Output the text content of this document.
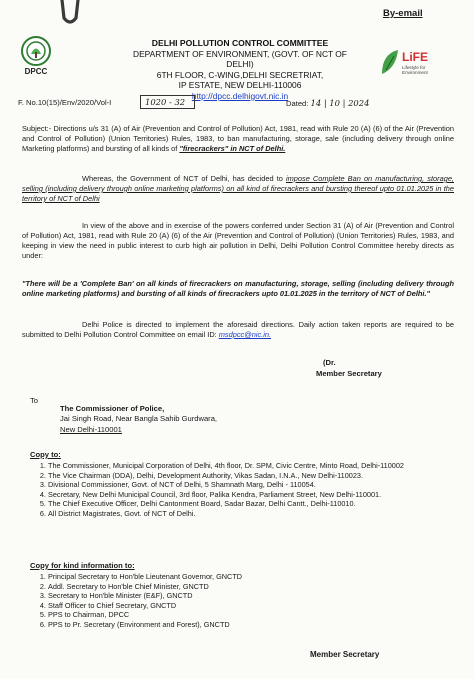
By-email
DPCC
DELHI POLLUTION CONTROL COMMITTEE
DEPARTMENT OF ENVIRONMENT, (GOVT. OF NCT OF DELHI)
6TH FLOOR, C-WING,DELHI SECRETRIAT,
IP ESTATE, NEW DELHI-110006
http://dpcc.delhigovt.nic.in
LiFE
Lifestyle for Environment
F. No.10(15)/Env/2020/Vol-I	1020 - 32	Dated: 14 | 10 | 2024
Subject:- Directions u/s 31 (A) of Air (Prevention and Control of Pollution) Act, 1981, read with Rule 20 (A) (6) of the Air (Prevention and Control of Pollution) (Union Territories) Rules, 1983, to ban manufacturing, storage, sale (including delivery through online Marketing platforms) and bursting of all kinds of "firecrackers" in NCT of Delhi.
Whereas, the Government of NCT of Delhi, has decided to impose Complete Ban on manufacturing, storage, selling (including delivery through online marketing platforms) on all kind of firecrackers and bursting thereof upto 01.01.2025 in the territory of NCT of Delhi
In view of the above and in exercise of the powers conferred under Section 31 (A) of Air (Prevention and Control of Pollution) Act, 1981, read with Rule 20 (A) (6) of the Air (Prevention and Control of Pollution) (Union Territories) Rules, 1983, and keeping in view the need in public interest to curb high air pollution in Delhi, Delhi Pollution Control Committee hereby directs as under:
"There will be a 'Complete Ban' on all kinds of firecrackers on manufacturing, storage, selling (including delivery through online marketing platforms) and bursting of all kinds of firecrackers upto 01.01.2025 in the territory of NCT of Delhi."
Delhi Police is directed to implement the aforesaid directions. Daily action taken reports are required to be submitted to Delhi Pollution Control Committee on email ID: msdpcc@nic.in.
(Dr.
Member Secretary
To
The Commissioner of Police,
Jai Singh Road, Near Bangla Sahib Gurdwara,
New Delhi-110001
Copy to:
1. The Commissioner, Municipal Corporation of Delhi, 4th floor, Dr. SPM, Civic Centre, Minto Road, Delhi-110002
2. The Vice Chairman (DDA), Delhi, Development Authority, Vikas Sadan, I.N.A., New Delhi-110023.
3. Divisional Commissioner, Govt. of NCT of Delhi, 5 Shamnath Marg, Delhi - 110054.
4. Secretary, New Delhi Municipal Council, 3rd floor, Palika Kendra, Parliament Street, New Delhi-110001.
5. The Chief Executive Officer, Delhi Cantonment Board, Sadar Bazar, Delhi Cantt., Delhi-110010.
6. All District Magistrates, Govt. of NCT of Delhi.
Copy for kind information to:
1. Principal Secretary to Hon'ble Lieutenant Governor, GNCTD
2. Addl. Secretary to Hon'ble Chief Minister, GNCTD
3. Secretary to Hon'ble Minister (E&F), GNCTD
4. Staff Officer to Chief Secretary, GNCTD
5. PPS to Chairman, DPCC
6. PPS to Pr. Secretary (Environment and Forest), GNCTD
Member Secretary
